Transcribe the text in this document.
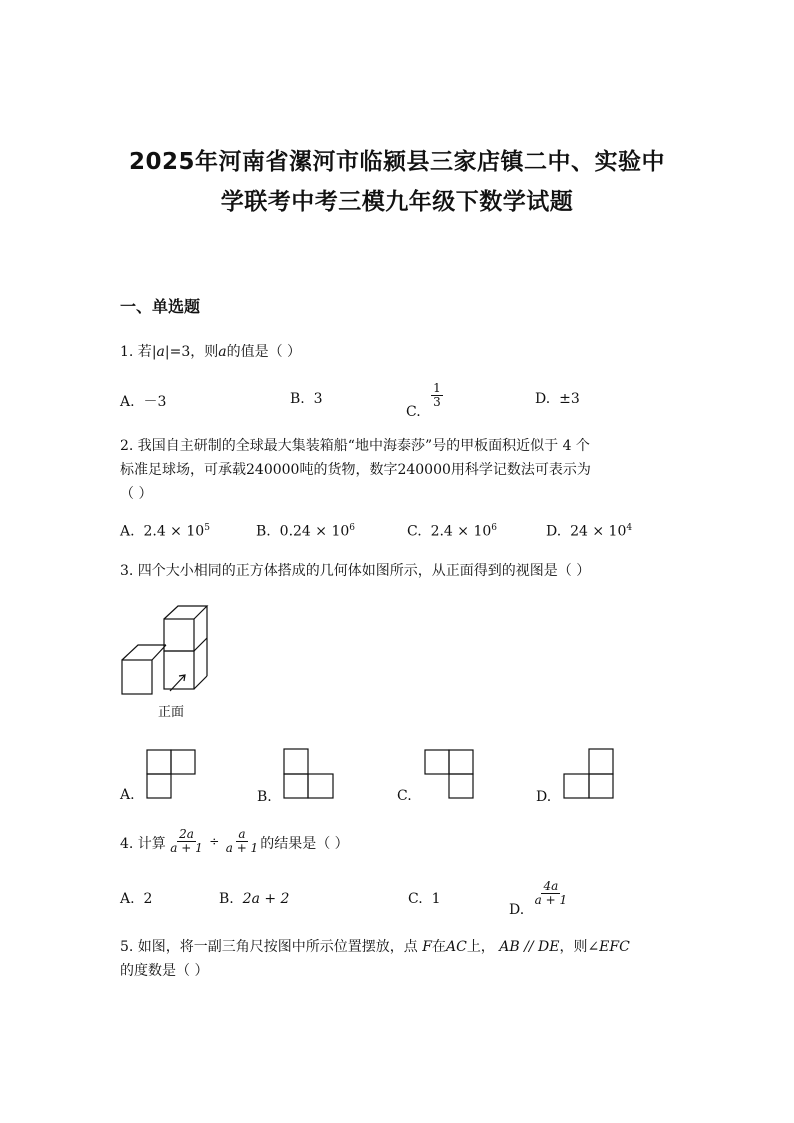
2025年河南省漯河市临颍县三家店镇二中、实验中
学联考中考三模九年级下数学试题
一、单选题
1. 若|a|=3，则a的值是（ ）
A. －3	B. 3
C.
$\frac{1}{3}$	D. ±3
2. 我国自主研制的全球最大集装箱船“地中海泰莎”号的甲板面积近似于 4 个
标准足球场，可承载240000吨的货物，数字240000用科学记数法可表示为
（ ）
A. $2.4 \times 10^5$	B. $0.24 \times 10^6$	C. $2.4 \times 10^6$	D. $24 \times 10^4$
3. 四个大小相同的正方体搭成的几何体如图所示，从正面得到的视图是（ ）
正面
A.	B.	C.	D.
4. 计算 $\frac{2a}{a + 1} \div \frac{a}{a + 1}$ 的结果是（ ）
A. 2	B. 2a + 2	C. 1
D.
$\frac{4a}{a + 1}$
5. 如图，将一副三角尺按图中所示位置摆放，点 F在AC上， AB // DE，则∠EFC
的度数是（ ）
